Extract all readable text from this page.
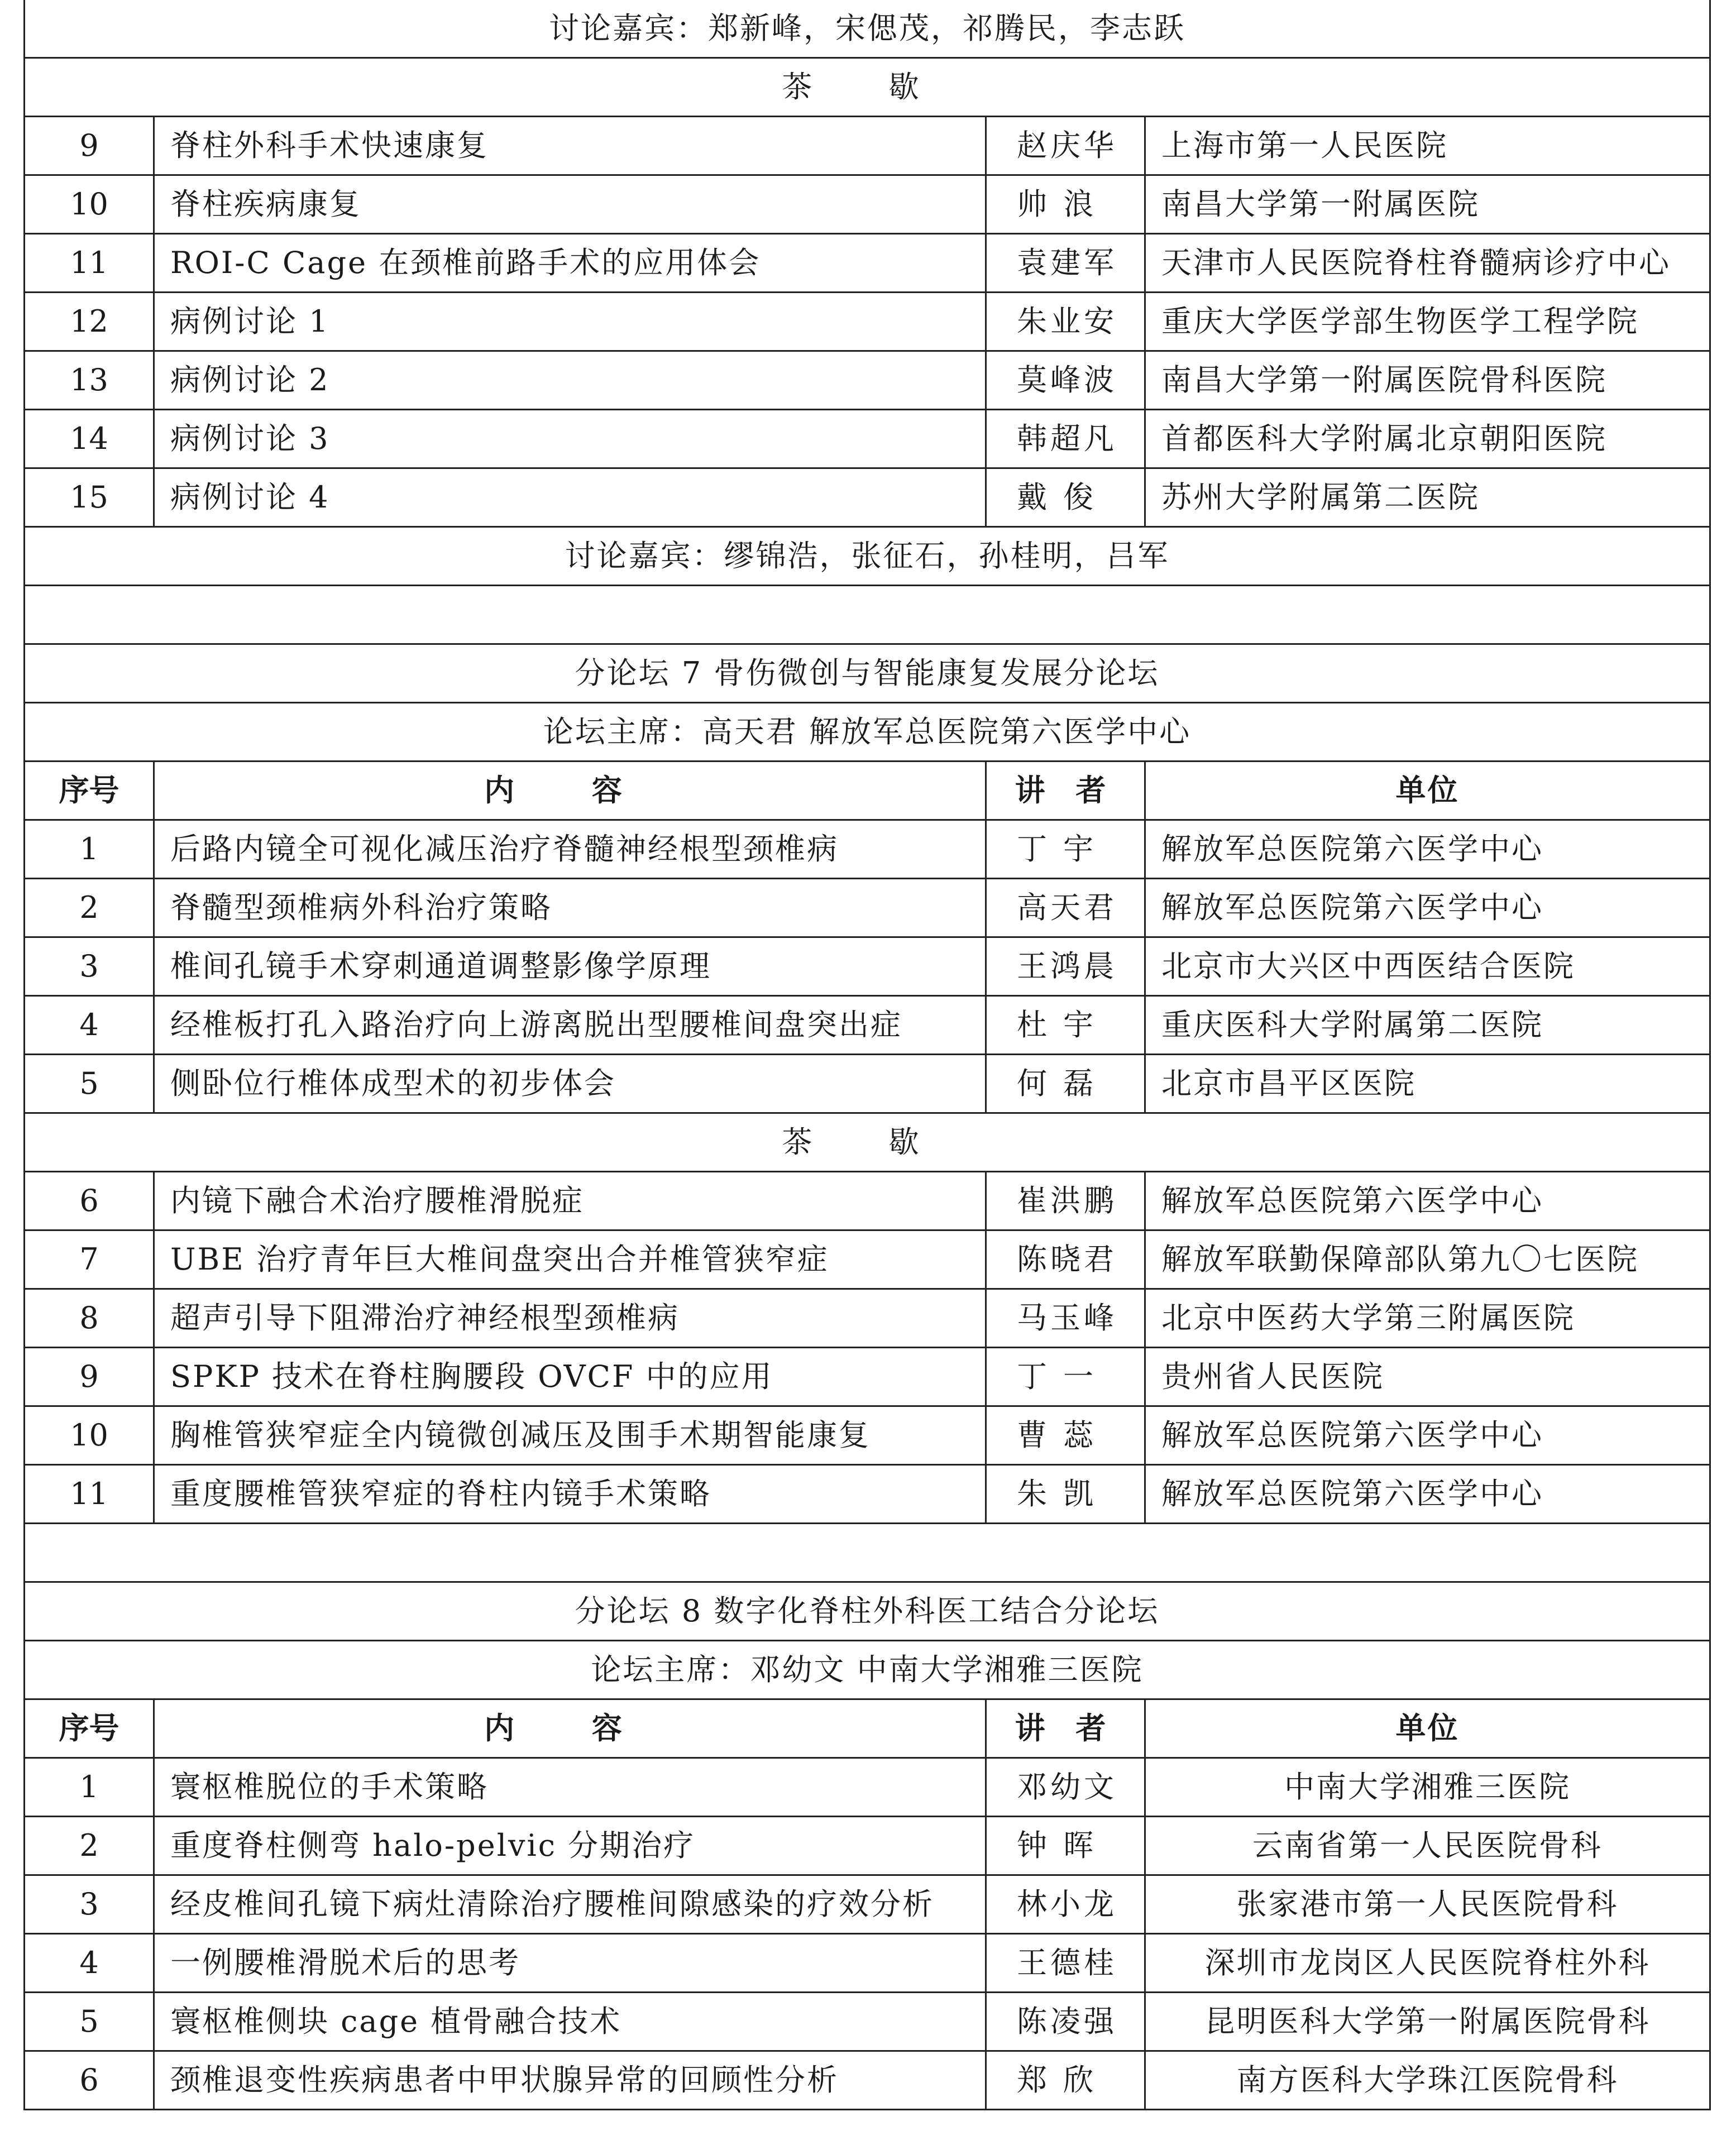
讨论嘉宾：郑新峰，宋偲茂，祁腾民，李志跃
茶 歇
9	脊柱外科手术快速康复	赵庆华	上海市第一人民医院
10	脊柱疾病康复	帅 浪	南昌大学第一附属医院
11	ROI-C Cage 在颈椎前路手术的应用体会	袁建军	天津市人民医院脊柱脊髓病诊疗中心
12	病例讨论 1	朱业安	重庆大学医学部生物医学工程学院
13	病例讨论 2	莫峰波	南昌大学第一附属医院骨科医院
14	病例讨论 3	韩超凡	首都医科大学附属北京朝阳医院
15	病例讨论 4	戴 俊	苏州大学附属第二医院
讨论嘉宾：缪锦浩，张征石，孙桂明，吕军
分论坛 7 骨伤微创与智能康复发展分论坛
论坛主席：高天君 解放军总医院第六医学中心
序号	内 容	讲 者	单位
1	后路内镜全可视化减压治疗脊髓神经根型颈椎病	丁 宇	解放军总医院第六医学中心
2	脊髓型颈椎病外科治疗策略	高天君	解放军总医院第六医学中心
3	椎间孔镜手术穿刺通道调整影像学原理	王鸿晨	北京市大兴区中西医结合医院
4	经椎板打孔入路治疗向上游离脱出型腰椎间盘突出症	杜 宇	重庆医科大学附属第二医院
5	侧卧位行椎体成型术的初步体会	何 磊	北京市昌平区医院
茶 歇
6	内镜下融合术治疗腰椎滑脱症	崔洪鹏	解放军总医院第六医学中心
7	UBE 治疗青年巨大椎间盘突出合并椎管狭窄症	陈晓君	解放军联勤保障部队第九〇七医院
8	超声引导下阻滞治疗神经根型颈椎病	马玉峰	北京中医药大学第三附属医院
9	SPKP 技术在脊柱胸腰段 OVCF 中的应用	丁 一	贵州省人民医院
10	胸椎管狭窄症全内镜微创减压及围手术期智能康复	曹 蕊	解放军总医院第六医学中心
11	重度腰椎管狭窄症的脊柱内镜手术策略	朱 凯	解放军总医院第六医学中心
分论坛 8 数字化脊柱外科医工结合分论坛
论坛主席：邓幼文 中南大学湘雅三医院
序号	内 容	讲 者	单位
1	寰枢椎脱位的手术策略	邓幼文	中南大学湘雅三医院
2	重度脊柱侧弯 halo-pelvic 分期治疗	钟 晖	云南省第一人民医院骨科
3	经皮椎间孔镜下病灶清除治疗腰椎间隙感染的疗效分析	林小龙	张家港市第一人民医院骨科
4	一例腰椎滑脱术后的思考	王德桂	深圳市龙岗区人民医院脊柱外科
5	寰枢椎侧块 cage 植骨融合技术	陈凌强	昆明医科大学第一附属医院骨科
6	颈椎退变性疾病患者中甲状腺异常的回顾性分析	郑 欣	南方医科大学珠江医院骨科
